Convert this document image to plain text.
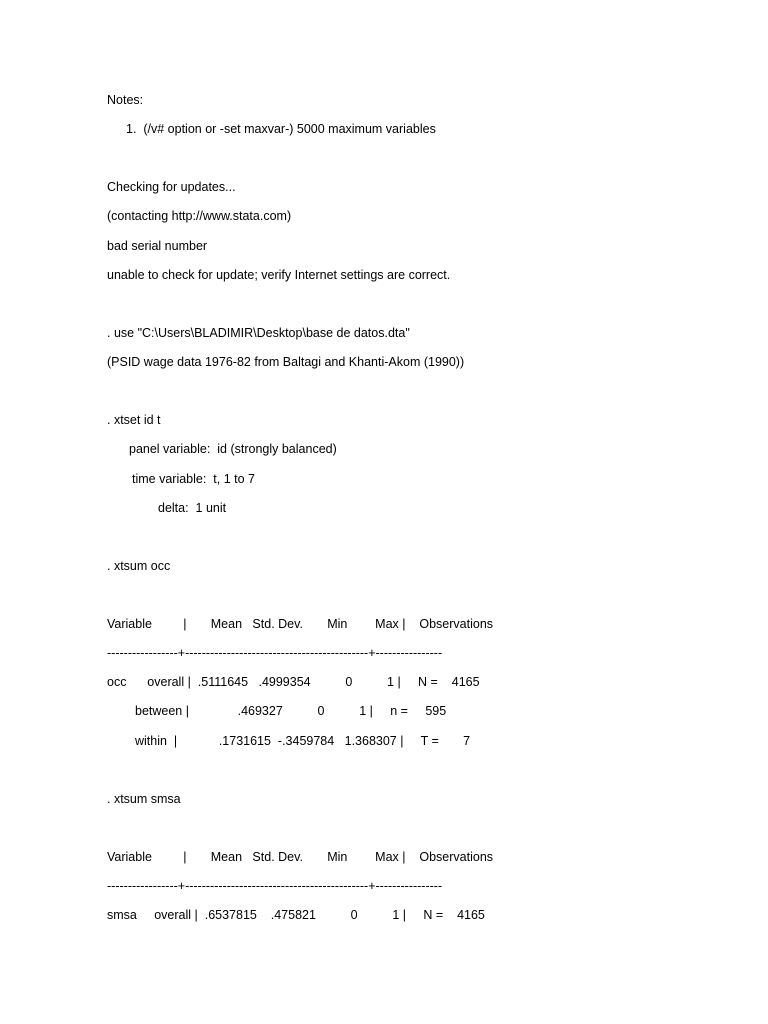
Notes:
1.  (/v# option or -set maxvar-) 5000 maximum variables
Checking for updates...
(contacting http://www.stata.com)
bad serial number
unable to check for update; verify Internet settings are correct.
. use "C:\Users\BLADIMIR\Desktop\base de datos.dta"
(PSID wage data 1976-82 from Baltagi and Khanti-Akom (1990))
. xtset id t
panel variable:  id (strongly balanced)
time variable:  t, 1 to 7
delta:  1 unit
. xtsum occ
Variable         |       Mean   Std. Dev.       Min        Max |    Observations
-----------------+--------------------------------------------+----------------
occ      overall |  .5111645   .4999354          0          1 |     N =    4165
between |              .469327          0          1 |     n =     595
within  |            .1731615  -.3459784   1.368307 |     T =       7
. xtsum smsa
Variable         |       Mean   Std. Dev.       Min        Max |    Observations
-----------------+--------------------------------------------+----------------
smsa     overall |  .6537815    .475821          0          1 |     N =    4165
